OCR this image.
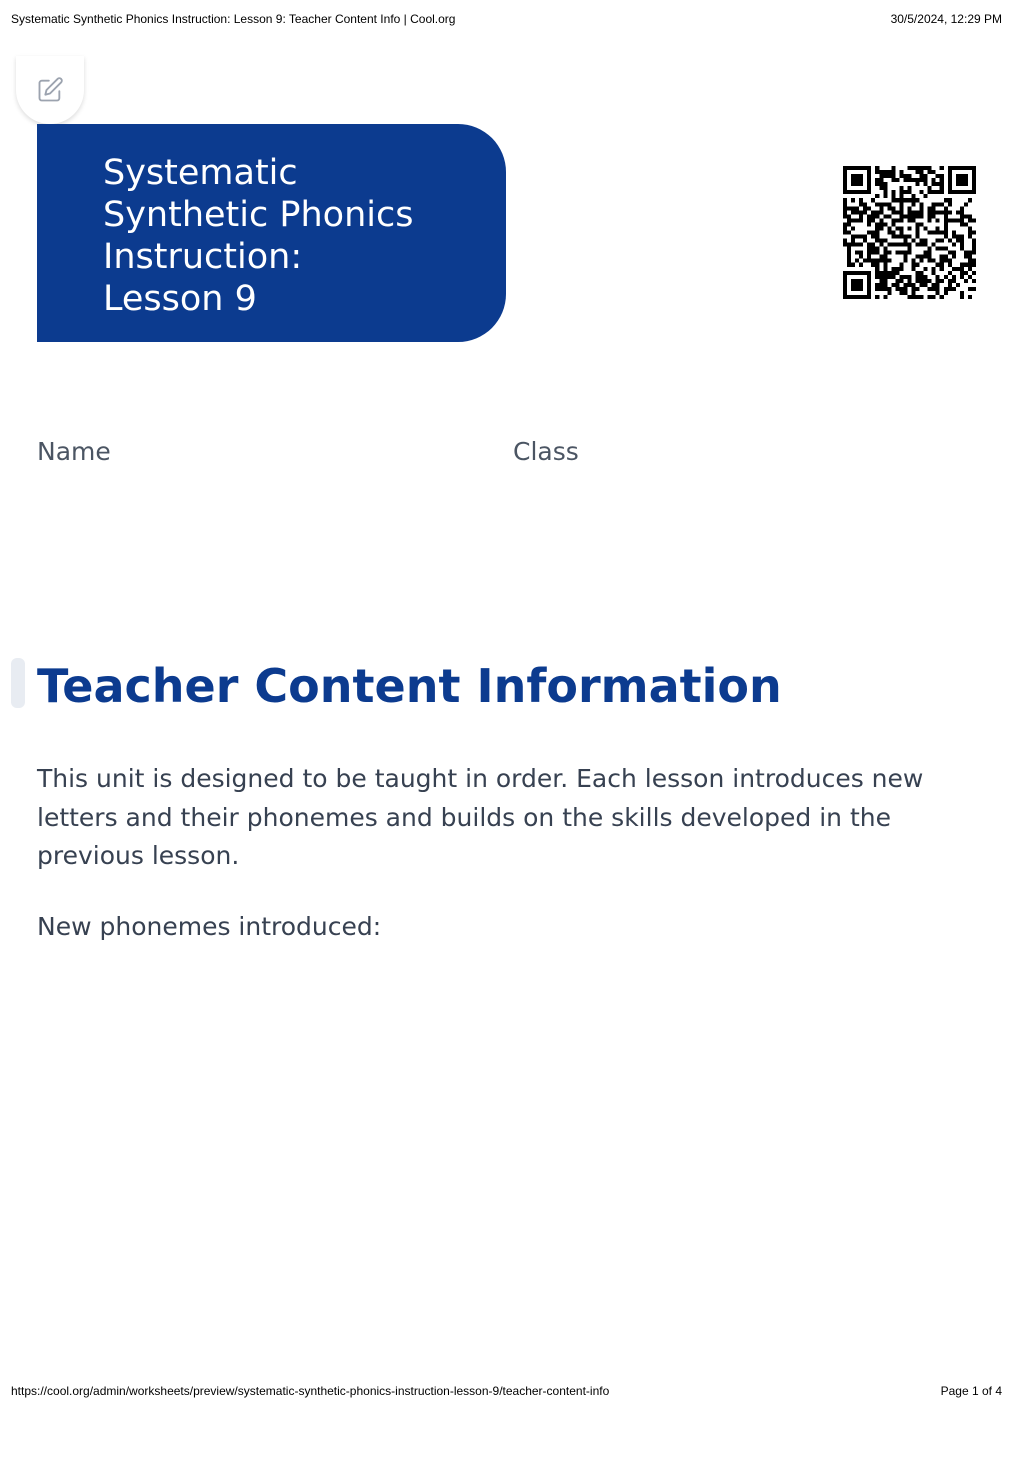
Systematic Synthetic Phonics Instruction: Lesson 9: Teacher Content Info | Cool.org	30/5/2024, 12:29 PM
Systematic
Synthetic Phonics
Instruction:
Lesson 9
Name	Class
Teacher Content Information

This unit is designed to be taught in order. Each lesson introduces new letters and their phonemes and builds on the skills developed in the previous lesson.

New phonemes introduced:

https://cool.org/admin/worksheets/preview/systematic-synthetic-phonics-instruction-lesson-9/teacher-content-info	Page 1 of 4
